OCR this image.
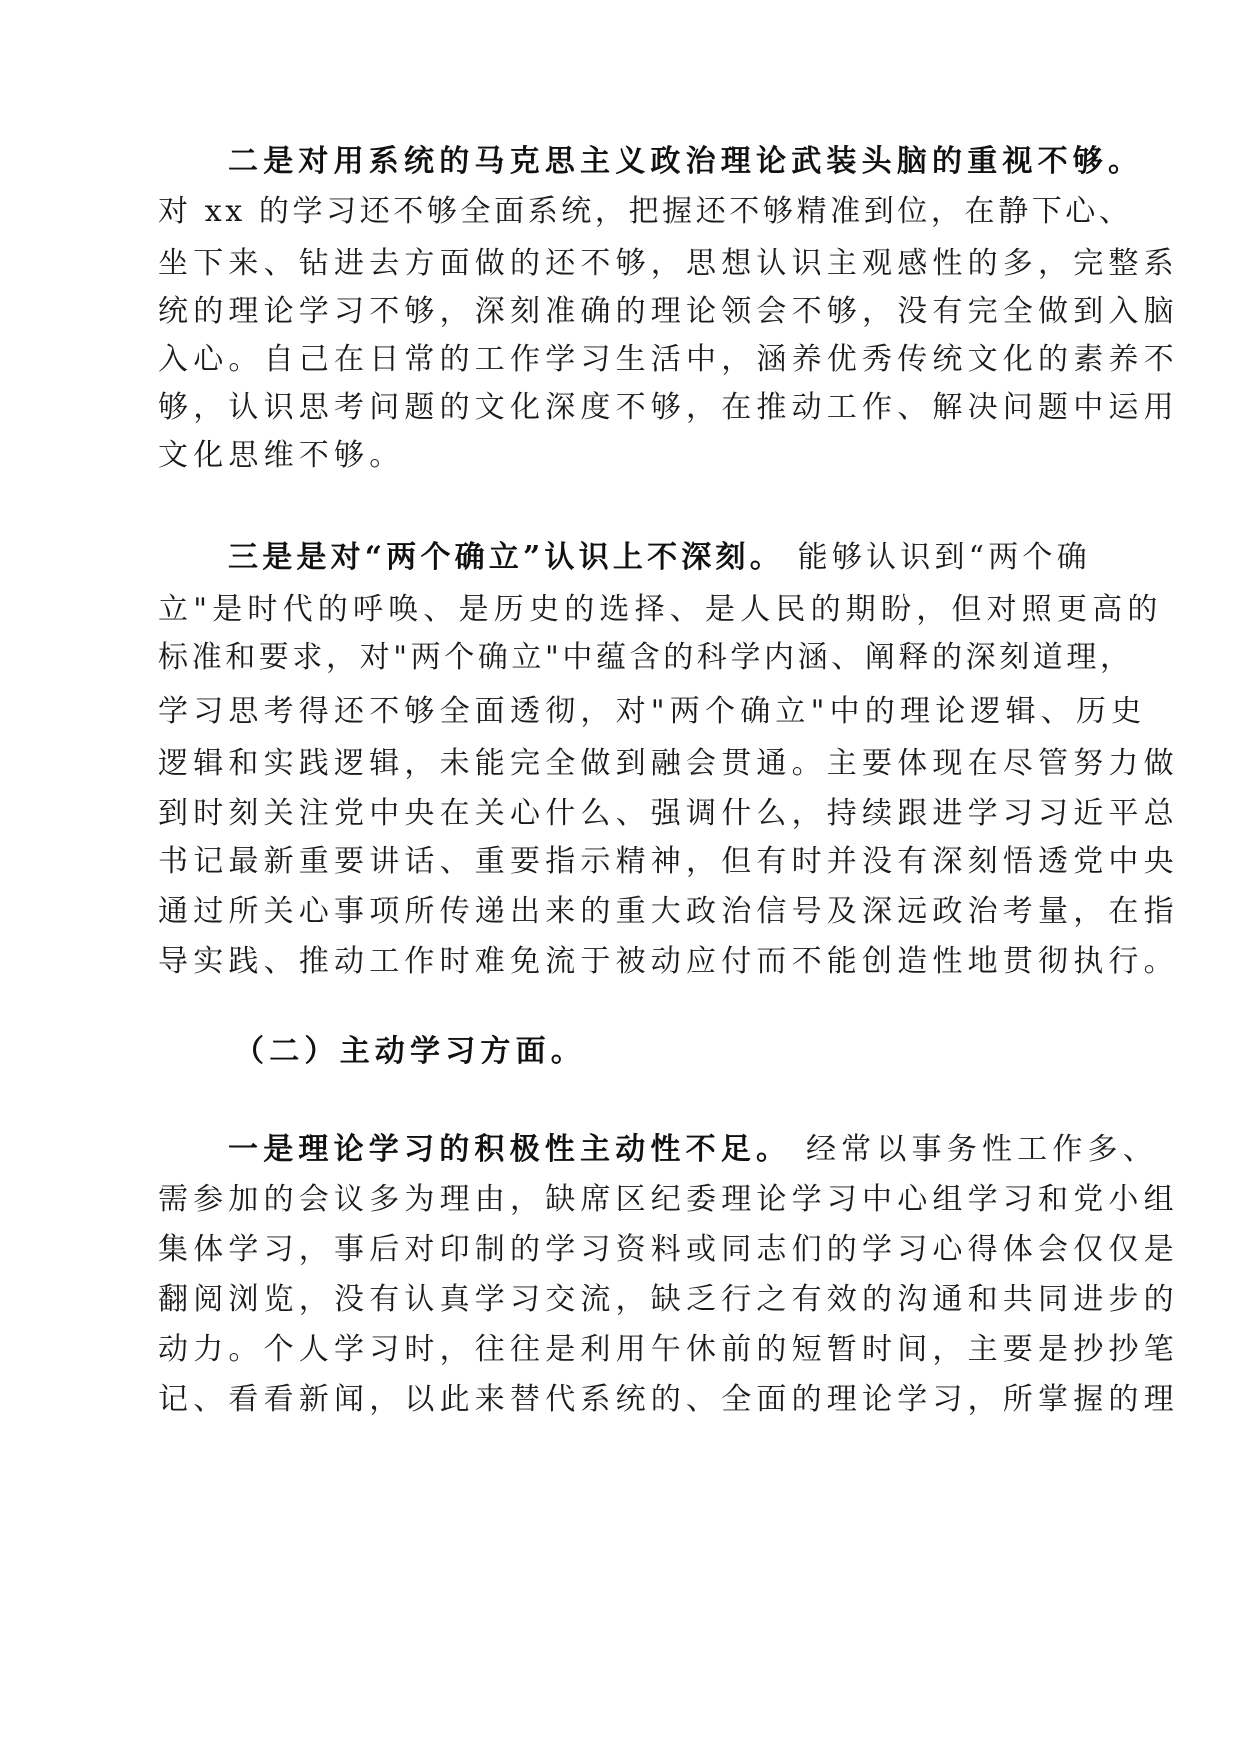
二是对用系统的马克思主义政治理论武装头脑的重视不够。
对 xx 的学习还不够全面系统，把握还不够精准到位，在静下心、
坐下来、钻进去方面做的还不够，思想认识主观感性的多，完整系
统的理论学习不够，深刻准确的理论领会不够，没有完全做到入脑
入心。自己在日常的工作学习生活中，涵养优秀传统文化的素养不
够，认识思考问题的文化深度不够，在推动工作、解决问题中运用
文化思维不够。
三是是对“两个确立”认识上不深刻。 能够认识到“两个确
立"是时代的呼唤、是历史的选择、是人民的期盼，但对照更高的
标准和要求，对"两个确立"中蕴含的科学内涵、阐释的深刻道理，
学习思考得还不够全面透彻，对"两个确立"中的理论逻辑、历史
逻辑和实践逻辑，未能完全做到融会贯通。主要体现在尽管努力做
到时刻关注党中央在关心什么、强调什么，持续跟进学习习近平总
书记最新重要讲话、重要指示精神，但有时并没有深刻悟透党中央
通过所关心事项所传递出来的重大政治信号及深远政治考量，在指
导实践、推动工作时难免流于被动应付而不能创造性地贯彻执行。
（二）主动学习方面。
一是理论学习的积极性主动性不足。 经常以事务性工作多、
需参加的会议多为理由，缺席区纪委理论学习中心组学习和党小组
集体学习，事后对印制的学习资料或同志们的学习心得体会仅仅是
翻阅浏览，没有认真学习交流，缺乏行之有效的沟通和共同进步的
动力。个人学习时，往往是利用午休前的短暂时间，主要是抄抄笔
记、看看新闻，以此来替代系统的、全面的理论学习，所掌握的理
